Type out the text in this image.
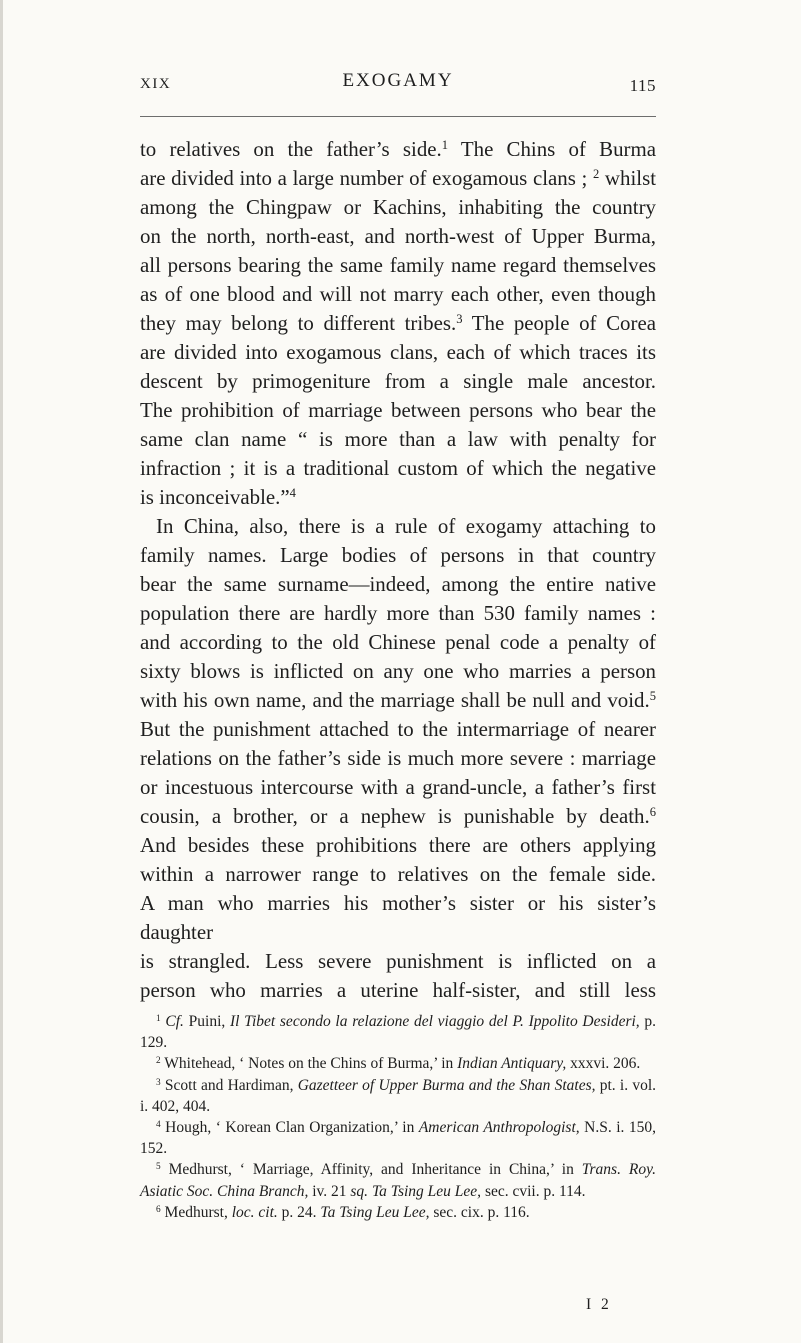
XIX	EXOGAMY	115

to relatives on the father’s side.$^1$ The Chins of Burma

are divided into a large number of exogamous clans ; $^2$ whilst

among the Chingpaw or Kachins, inhabiting the country

on the north, north-east, and north-west of Upper Burma,

all persons bearing the same family name regard themselves

as of one blood and will not marry each other, even though

they may belong to different tribes.$^3$ The people of Corea

are divided into exogamous clans, each of which traces its

descent by primogeniture from a single male ancestor.

The prohibition of marriage between persons who bear the

same clan name “ is more than a law with penalty for

infraction ; it is a traditional custom of which the negative

is inconceivable.”$^4$

In China, also, there is a rule of exogamy attaching to

family names. Large bodies of persons in that country

bear the same surname—indeed, among the entire native

population there are hardly more than 530 family names :

and according to the old Chinese penal code a penalty of

sixty blows is inflicted on any one who marries a person

with his own name, and the marriage shall be null and void.$^5$

But the punishment attached to the intermarriage of nearer

relations on the father’s side is much more severe : marriage

or incestuous intercourse with a grand-uncle, a father’s first

cousin, a brother, or a nephew is punishable by death.$^6$

And besides these prohibitions there are others applying

within a narrower range to relatives on the female side.

A man who marries his mother’s sister or his sister’s daughter

is strangled. Less severe punishment is inflicted on a

person who marries a uterine half-sister, and still less

$^1$ Cf. Puini, Il Tibet secondo la relazione del viaggio del P. Ippolito Desideri, p. 129.

$^2$ Whitehead, ‘ Notes on the Chins of Burma,’ in Indian Antiquary, xxxvi. 206.

$^3$ Scott and Hardiman, Gazetteer of Upper Burma and the Shan States, pt. i. vol. i. 402, 404.

$^4$ Hough, ‘ Korean Clan Organization,’ in American Anthropologist, N.S. i. 150, 152.

$^5$ Medhurst, ‘ Marriage, Affinity, and Inheritance in China,’ in Trans. Roy. Asiatic Soc. China Branch, iv. 21 sq. Ta Tsing Leu Lee, sec. cvii. p. 114.

$^6$ Medhurst, loc. cit. p. 24. Ta Tsing Leu Lee, sec. cix. p. 116.

I 2
